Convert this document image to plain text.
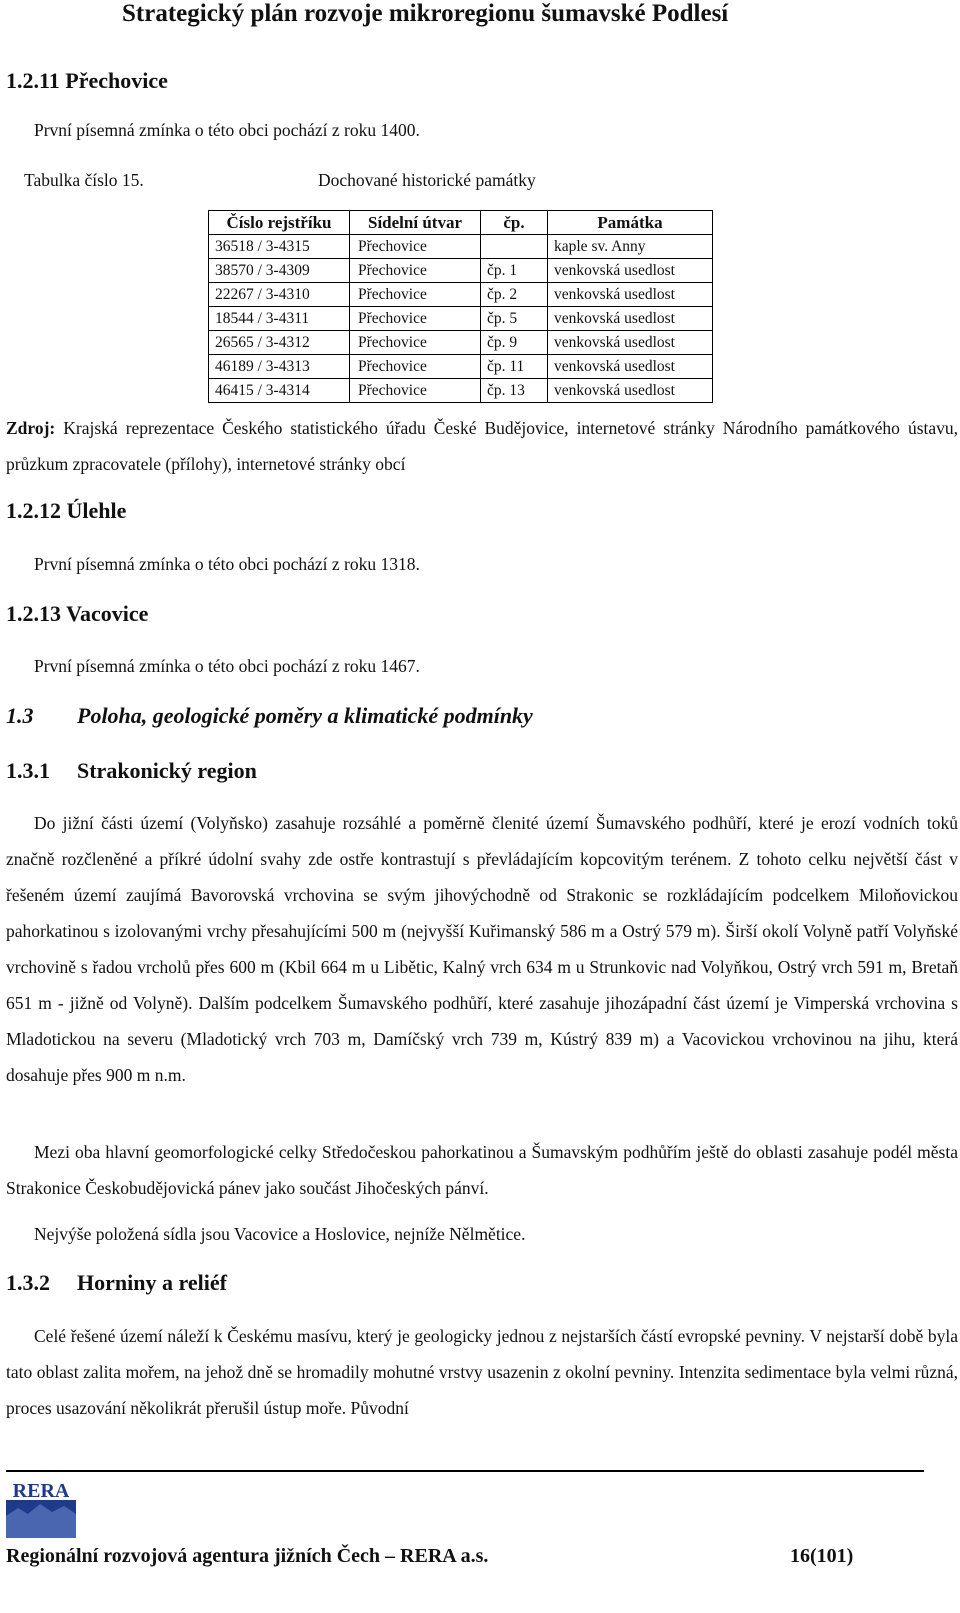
Strategický plán rozvoje mikroregionu šumavské Podlesí
1.2.11 Přechovice
První písemná zmínka o této obci pochází z roku 1400.
Tabulka číslo 15.	Dochované historické památky
Číslo rejstříku	Sídelní útvar	čp.	Památka
36518 / 3-4315	Přechovice		kaple sv. Anny
38570 / 3-4309	Přechovice	čp. 1	venkovská usedlost
22267 / 3-4310	Přechovice	čp. 2	venkovská usedlost
18544 / 3-4311	Přechovice	čp. 5	venkovská usedlost
26565 / 3-4312	Přechovice	čp. 9	venkovská usedlost
46189 / 3-4313	Přechovice	čp. 11	venkovská usedlost
46415 / 3-4314	Přechovice	čp. 13	venkovská usedlost
Zdroj: Krajská reprezentace Českého statistického úřadu České Budějovice, internetové stránky Národního památkového ústavu, průzkum zpracovatele (přílohy), internetové stránky obcí
1.2.12 Úlehle
První písemná zmínka o této obci pochází z roku 1318.
1.2.13 Vacovice
První písemná zmínka o této obci pochází z roku 1467.
1.3 Poloha, geologické poměry a klimatické podmínky
1.3.1 Strakonický region
Do jižní části území (Volyňsko) zasahuje rozsáhlé a poměrně členité území Šumavského podhůří, které je erozí vodních toků značně rozčleněné a příkré údolní svahy zde ostře kontrastují s převládajícím kopcovitým terénem. Z tohoto celku největší část v řešeném území zaujímá Bavorovská vrchovina se svým jihovýchodně od Strakonic se rozkládajícím podcelkem Miloňovickou pahorkatinou s izolovanými vrchy přesahujícími 500 m (nejvyšší Kuřimanský 586 m a Ostrý 579 m). Širší okolí Volyně patří Volyňské vrchovině s řadou vrcholů přes 600 m (Kbil 664 m u Libětic, Kalný vrch 634 m u Strunkovic nad Volyňkou, Ostrý vrch 591 m, Bretaň 651 m - jižně od Volyně). Dalším podcelkem Šumavského podhůří, které zasahuje jihozápadní část území je Vimperská vrchovina s Mladotickou na severu (Mladotický vrch 703 m, Damíčský vrch 739 m, Kústrý 839 m) a Vacovickou vrchovinou na jihu, která dosahuje přes 900 m n.m.
Mezi oba hlavní geomorfologické celky Středočeskou pahorkatinou a Šumavským podhůřím ještě do oblasti zasahuje podél města Strakonice Českobudějovická pánev jako součást Jihočeských pánví.
Nejvýše položená sídla jsou Vacovice a Hoslovice, nejníže Nělmětice.
1.3.2 Horniny a reliéf
Celé řešené území náleží k Českému masívu, který je geologicky jednou z nejstarších částí evropské pevniny. V nejstarší době byla tato oblast zalita mořem, na jehož dně se hromadily mohutné vrstvy usazenin z okolní pevniny. Intenzita sedimentace byla velmi různá, proces usazování několikrát přerušil ústup moře. Původní
RERA
Regionální rozvojová agentura jižních Čech – RERA a.s.	16(101)
